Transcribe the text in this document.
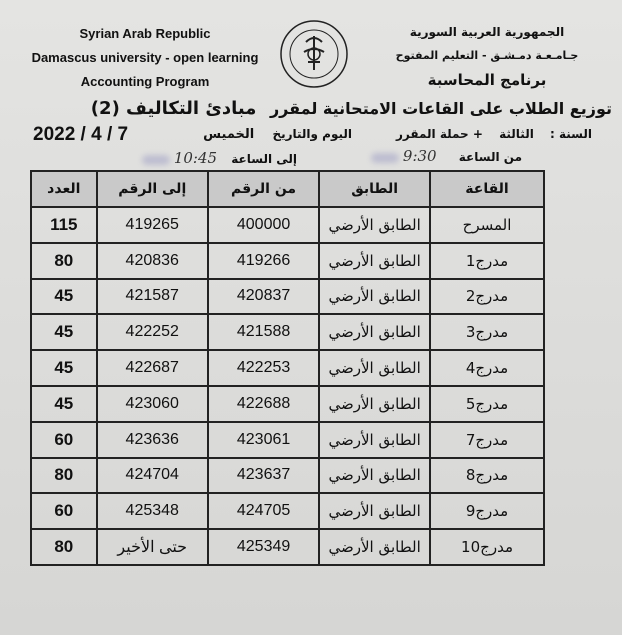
Syrian Arab Republic
Damascus university - open learning
Accounting Program
الجمهورية العربية السورية
جـامـعـة دمـشـق - التعليم المفتوح
برنامج المحاسبة
توزيع الطلاب على القاعات الامتحانية لمقرر مبادئ التكاليف (2)
السنة : الثالثة + حملة المقرر
من الساعة 9:30
اليوم والتاريخ الخميس
2022 / 4 / 7
إلى الساعة 10:45
القاعة	الطابق	من الرقم	إلى الرقم	العدد
المسرح	الطابق الأرضي	400000	419265	115
مدرج1	الطابق الأرضي	419266	420836	80
مدرج2	الطابق الأرضي	420837	421587	45
مدرج3	الطابق الأرضي	421588	422252	45
مدرج4	الطابق الأرضي	422253	422687	45
مدرج5	الطابق الأرضي	422688	423060	45
مدرج7	الطابق الأرضي	423061	423636	60
مدرج8	الطابق الأرضي	423637	424704	80
مدرج9	الطابق الأرضي	424705	425348	60
مدرج10	الطابق الأرضي	425349	حتى الأخير	80
